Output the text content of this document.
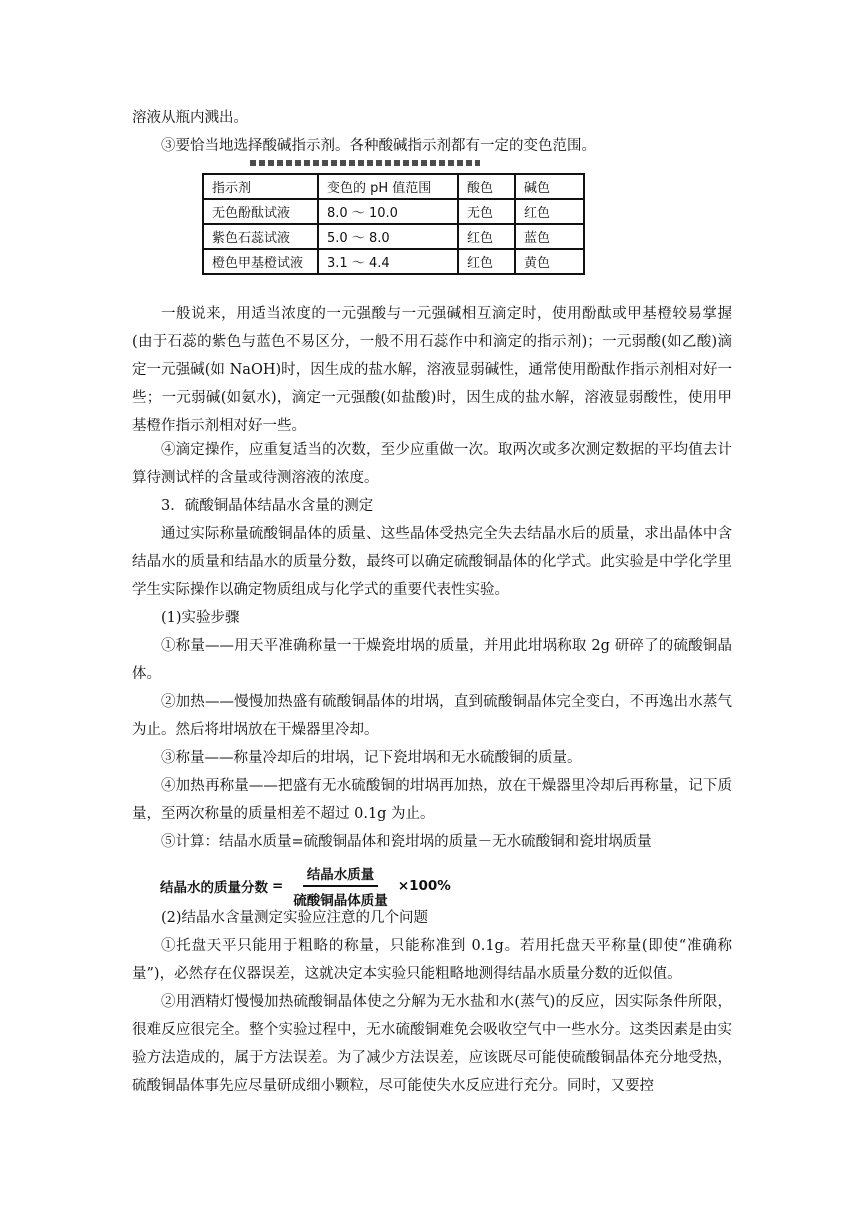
溶液从瓶内溅出。
③要恰当地选择酸碱指示剂。各种酸碱指示剂都有一定的变色范围。
指示剂	变色的 pH 值范围	酸色	碱色
无色酚酞试液	8.0 ～ 10.0	无色	红色
紫色石蕊试液	5.0 ～ 8.0	红色	蓝色
橙色甲基橙试液	3.1 ～ 4.4	红色	黄色
一般说来，用适当浓度的一元强酸与一元强碱相互滴定时，使用酚酞或甲基橙较易掌握(由于石蕊的紫色与蓝色不易区分，一般不用石蕊作中和滴定的指示剂)；一元弱酸(如乙酸)滴定一元强碱(如 NaOH)时，因生成的盐水解，溶液显弱碱性，通常使用酚酞作指示剂相对好一些；一元弱碱(如氨水)，滴定一元强酸(如盐酸)时，因生成的盐水解，溶液显弱酸性，使用甲基橙作指示剂相对好一些。
④滴定操作，应重复适当的次数，至少应重做一次。取两次或多次测定数据的平均值去计算待测试样的含量或待测溶液的浓度。
3．硫酸铜晶体结晶水含量的测定
通过实际称量硫酸铜晶体的质量、这些晶体受热完全失去结晶水后的质量，求出晶体中含结晶水的质量和结晶水的质量分数，最终可以确定硫酸铜晶体的化学式。此实验是中学化学里学生实际操作以确定物质组成与化学式的重要代表性实验。
(1)实验步骤
①称量——用天平准确称量一干燥瓷坩埚的质量，并用此坩埚称取 2g 研碎了的硫酸铜晶体。
②加热——慢慢加热盛有硫酸铜晶体的坩埚，直到硫酸铜晶体完全变白，不再逸出水蒸气为止。然后将坩埚放在干燥器里冷却。
③称量——称量冷却后的坩埚，记下瓷坩埚和无水硫酸铜的质量。
④加热再称量——把盛有无水硫酸铜的坩埚再加热，放在干燥器里冷却后再称量，记下质量，至两次称量的质量相差不超过 0.1g 为止。
⑤计算：结晶水质量=硫酸铜晶体和瓷坩埚的质量－无水硫酸铜和瓷坩埚质量
结晶水的质量分数 = $\frac{\text{结晶水质量}}{\text{硫酸铜晶体质量}} \times 100\%$
(2)结晶水含量测定实验应注意的几个问题
①托盘天平只能用于粗略的称量，只能称准到 0.1g。若用托盘天平称量(即使“准确称量”)，必然存在仪器误差，这就决定本实验只能粗略地测得结晶水质量分数的近似值。
②用酒精灯慢慢加热硫酸铜晶体使之分解为无水盐和水(蒸气)的反应，因实际条件所限，很难反应很完全。整个实验过程中，无水硫酸铜难免会吸收空气中一些水分。这类因素是由实验方法造成的，属于方法误差。为了减少方法误差，应该既尽可能使硫酸铜晶体充分地受热，硫酸铜晶体事先应尽量研成细小颗粒，尽可能使失水反应进行充分。同时，又要控
